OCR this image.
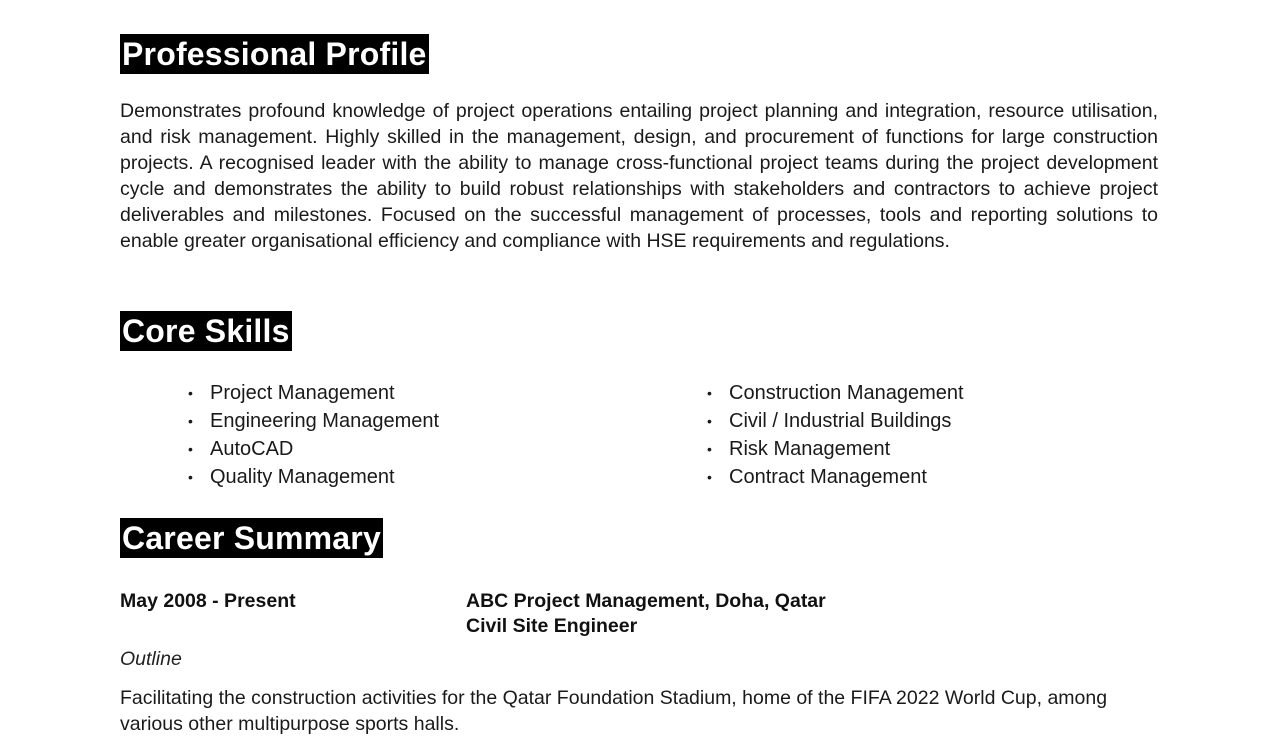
Professional Profile
Demonstrates profound knowledge of project operations entailing project planning and integration, resource utilisation, and risk management. Highly skilled in the management, design, and procurement of functions for large construction projects. A recognised leader with the ability to manage cross-functional project teams during the project development cycle and demonstrates the ability to build robust relationships with stakeholders and contractors to achieve project deliverables and milestones. Focused on the successful management of processes, tools and reporting solutions to enable greater organisational efficiency and compliance with HSE requirements and regulations.
Core Skills
• Project Management
• Engineering Management
• AutoCAD
• Quality Management
• Construction Management
• Civil / Industrial Buildings
• Risk Management
• Contract Management
Career Summary
May 2008 - Present	ABC Project Management, Doha, Qatar
Civil Site Engineer
Outline
Facilitating the construction activities for the Qatar Foundation Stadium, home of the FIFA 2022 World Cup, among various other multipurpose sports halls.
